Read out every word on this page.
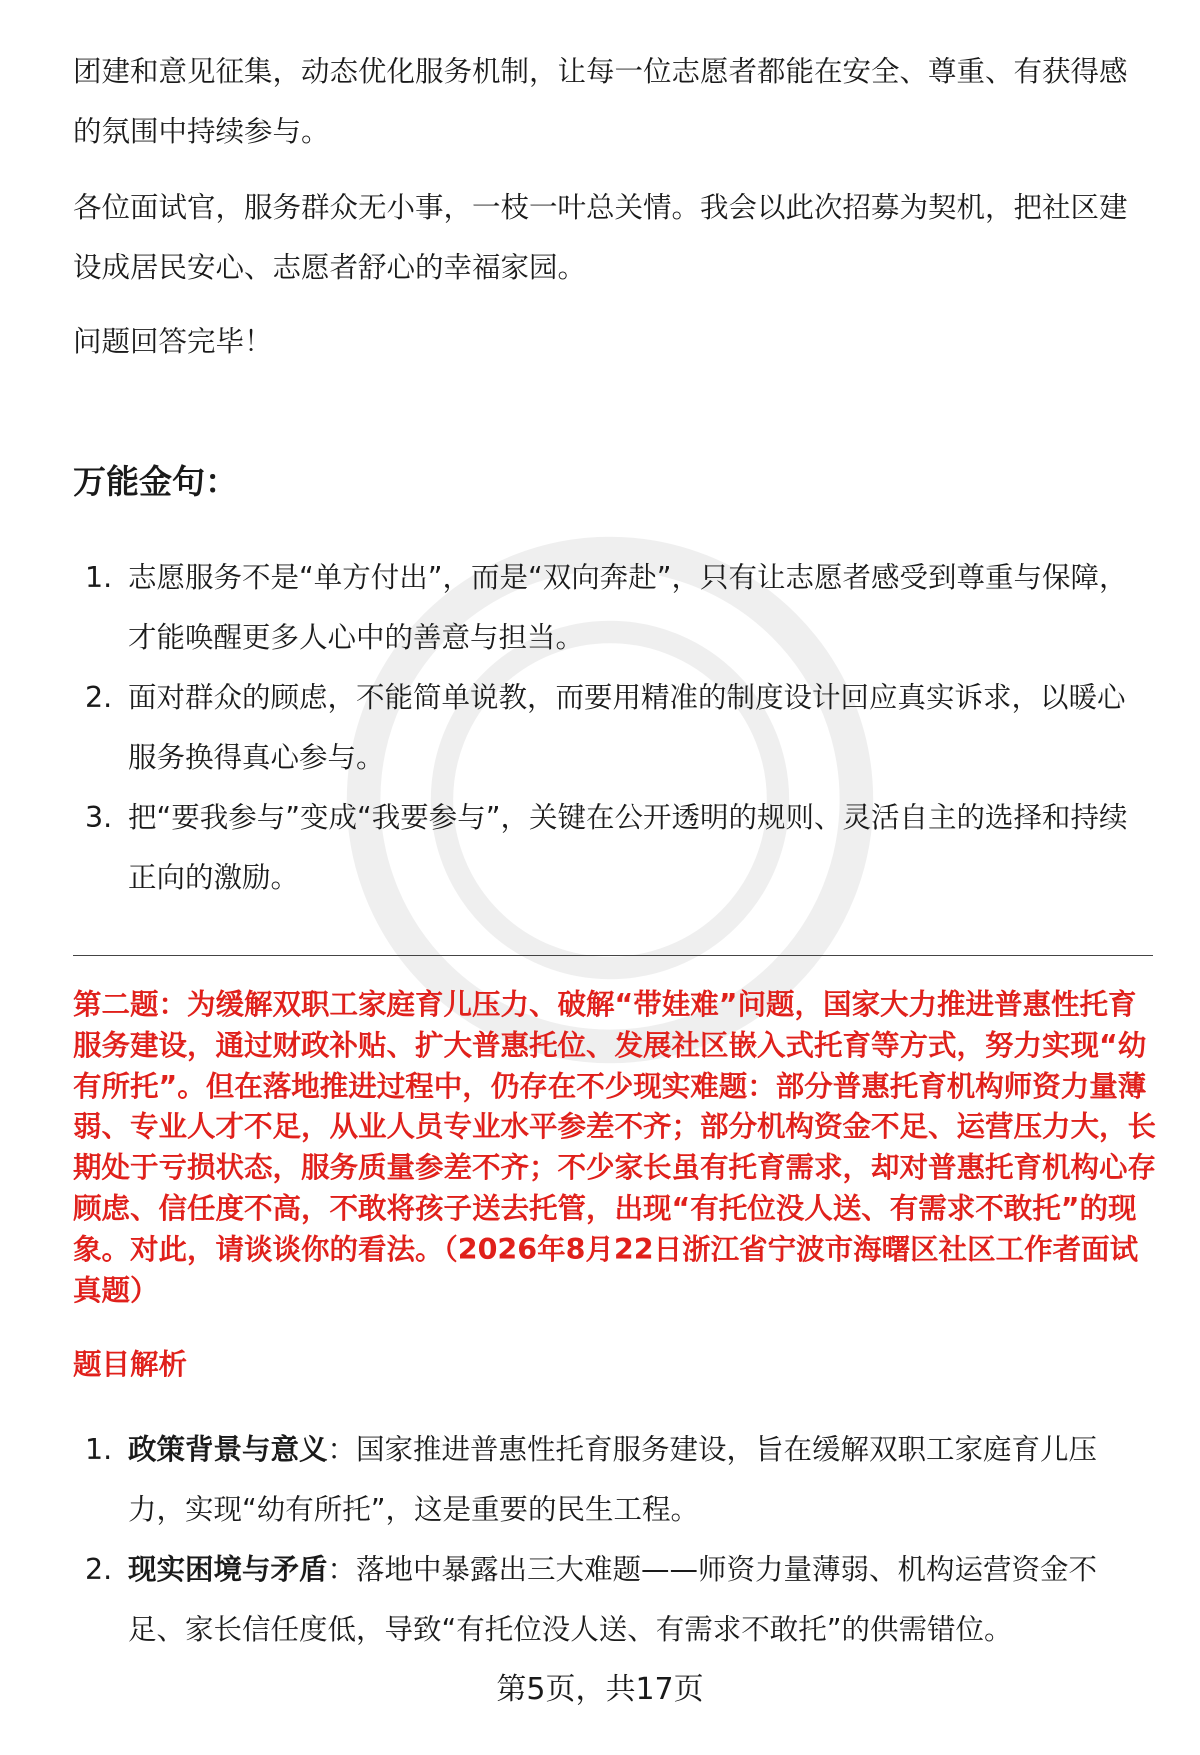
团建和意见征集，动态优化服务机制，让每一位志愿者都能在安全、尊重、有获得感的氛围中持续参与。

各位面试官，服务群众无小事，一枝一叶总关情。我会以此次招募为契机，把社区建设成居民安心、志愿者舒心的幸福家园。

问题回答完毕！

万能金句：
1. 志愿服务不是“单方付出”，而是“双向奔赴”，只有让志愿者感受到尊重与保障，才能唤醒更多人心中的善意与担当。
2. 面对群众的顾虑，不能简单说教，而要用精准的制度设计回应真实诉求，以暖心服务换得真心参与。
3. 把“要我参与”变成“我要参与”，关键在公开透明的规则、灵活自主的选择和持续正向的激励。

第二题：为缓解双职工家庭育儿压力、破解“带娃难”问题，国家大力推进普惠性托育服务建设，通过财政补贴、扩大普惠托位、发展社区嵌入式托育等方式，努力实现“幼有所托”。但在落地推进过程中，仍存在不少现实难题：部分普惠托育机构师资力量薄弱、专业人才不足，从业人员专业水平参差不齐；部分机构资金不足、运营压力大，长期处于亏损状态，服务质量参差不齐；不少家长虽有托育需求，却对普惠托育机构心存顾虑、信任度不高，不敢将孩子送去托管，出现“有托位没人送、有需求不敢托”的现象。对此，请谈谈你的看法。（2026年8月22日浙江省宁波市海曙区社区工作者面试真题）

题目解析
1. 政策背景与意义：国家推进普惠性托育服务建设，旨在缓解双职工家庭育儿压力，实现“幼有所托”，这是重要的民生工程。
2. 现实困境与矛盾：落地中暴露出三大难题——师资力量薄弱、机构运营资金不足、家长信任度低，导致“有托位没人送、有需求不敢托”的供需错位。
第5页，共17页
